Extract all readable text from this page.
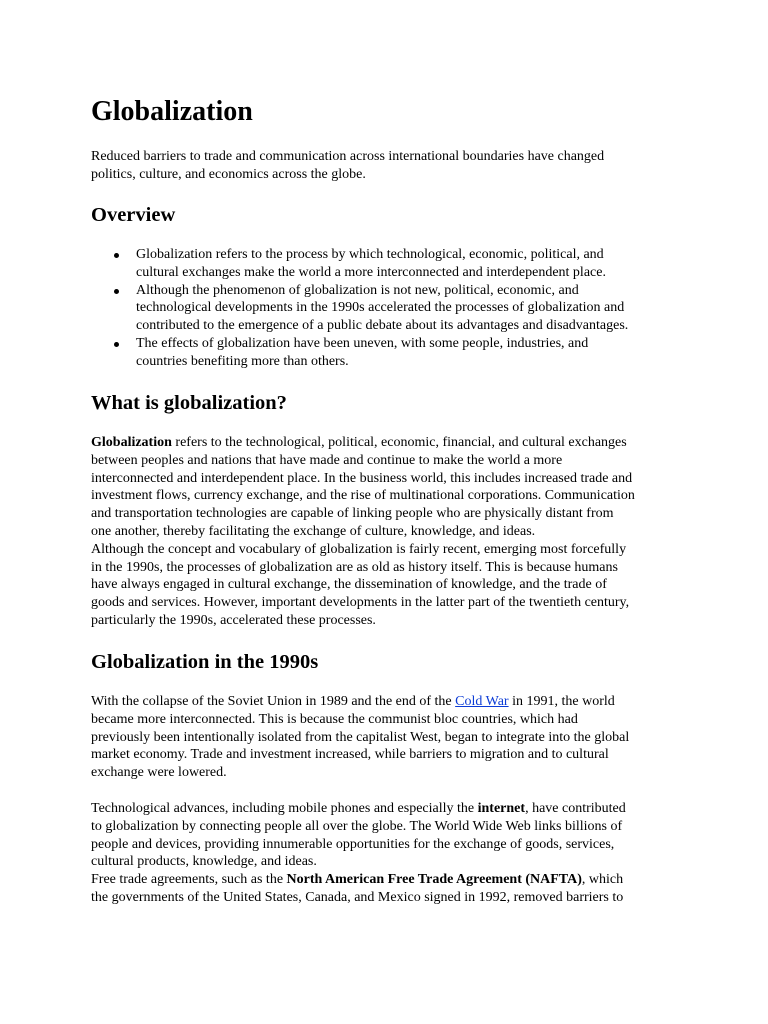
Globalization

Reduced barriers to trade and communication across international boundaries have changed
politics, culture, and economics across the globe.

Overview
Globalization refers to the process by which technological, economic, political, and
cultural exchanges make the world a more interconnected and interdependent place.
Although the phenomenon of globalization is not new, political, economic, and
technological developments in the 1990s accelerated the processes of globalization and
contributed to the emergence of a public debate about its advantages and disadvantages.
The effects of globalization have been uneven, with some people, industries, and
countries benefiting more than others.
What is globalization?

Globalization refers to the technological, political, economic, financial, and cultural exchanges
between peoples and nations that have made and continue to make the world a more
interconnected and interdependent place. In the business world, this includes increased trade and
investment flows, currency exchange, and the rise of multinational corporations. Communication
and transportation technologies are capable of linking people who are physically distant from
one another, thereby facilitating the exchange of culture, knowledge, and ideas.
Although the concept and vocabulary of globalization is fairly recent, emerging most forcefully
in the 1990s, the processes of globalization are as old as history itself. This is because humans
have always engaged in cultural exchange, the dissemination of knowledge, and the trade of
goods and services. However, important developments in the latter part of the twentieth century,
particularly the 1990s, accelerated these processes.

Globalization in the 1990s

With the collapse of the Soviet Union in 1989 and the end of the Cold War in 1991, the world
became more interconnected. This is because the communist bloc countries, which had
previously been intentionally isolated from the capitalist West, began to integrate into the global
market economy. Trade and investment increased, while barriers to migration and to cultural
exchange were lowered.

Technological advances, including mobile phones and especially the internet, have contributed
to globalization by connecting people all over the globe. The World Wide Web links billions of
people and devices, providing innumerable opportunities for the exchange of goods, services,
cultural products, knowledge, and ideas.
Free trade agreements, such as the North American Free Trade Agreement (NAFTA), which
the governments of the United States, Canada, and Mexico signed in 1992, removed barriers to
